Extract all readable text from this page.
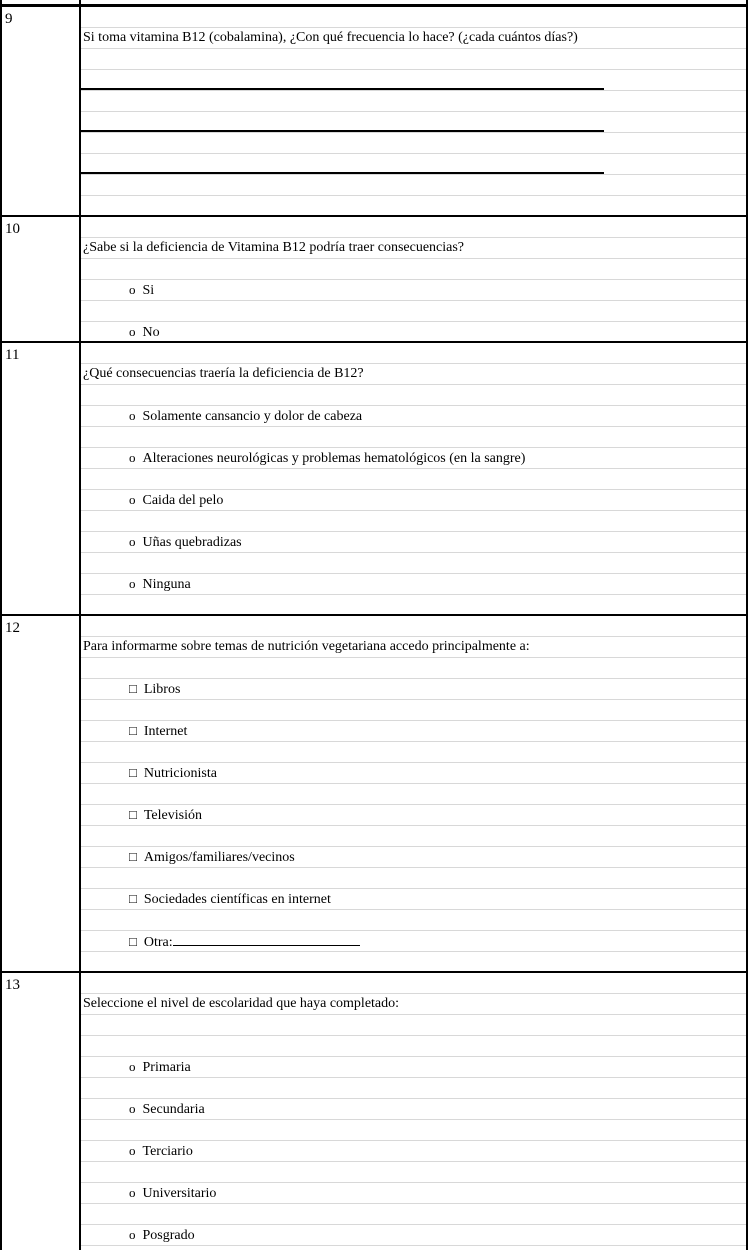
9
Si toma vitamina B12 (cobalamina), ¿Con qué frecuencia lo hace? (¿cada cuántos días?)
10
¿Sabe si la deficiencia de Vitamina B12 podría traer consecuencias?
o Si
o No
11
¿Qué consecuencias traería la deficiencia de B12?
o Solamente cansancio y dolor de cabeza
o Alteraciones neurológicas y problemas hematológicos (en la sangre)
o Caida del pelo
o Uñas quebradizas
o Ninguna
12
Para informarme sobre temas de nutrición vegetariana accedo principalmente a:
□ Libros
□ Internet
□ Nutricionista
□ Televisión
□ Amigos/familiares/vecinos
□ Sociedades científicas en internet
□ Otra:
13
Seleccione el nivel de escolaridad que haya completado:
o Primaria
o Secundaria
o Terciario
o Universitario
o Posgrado
